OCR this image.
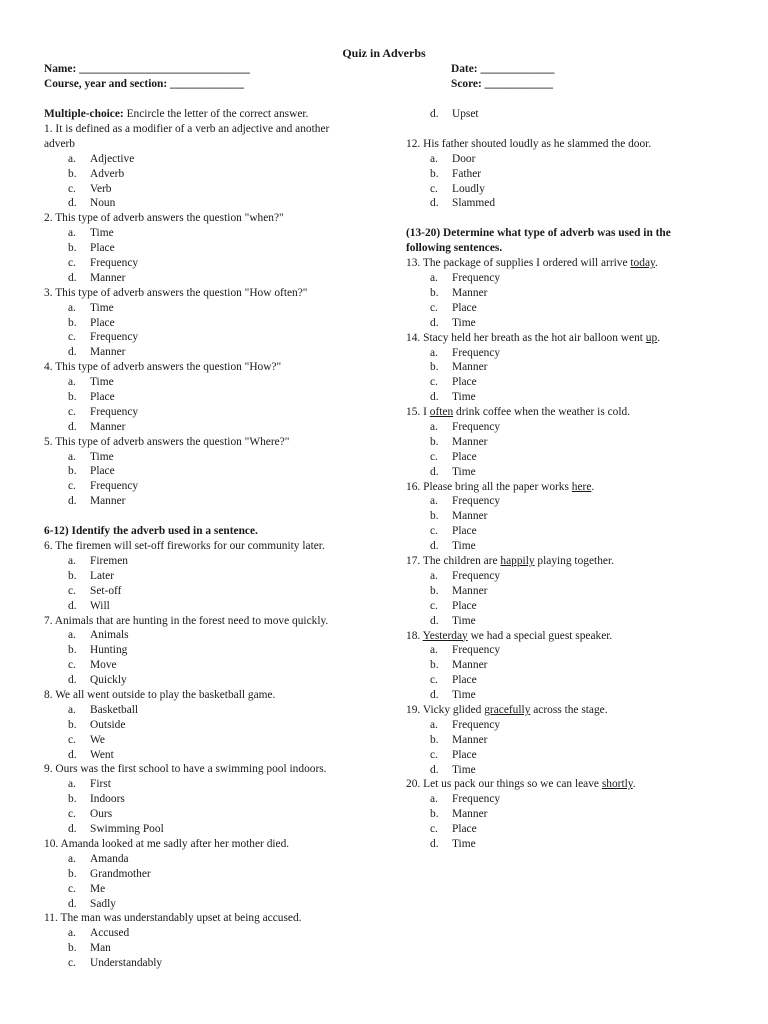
Quiz in Adverbs
Name: ______________________________	Date: _____________
Course, year and section: _____________	Score: ____________
Multiple-choice: Encircle the letter of the correct answer.
1. It is defined as a modifier of a verb an adjective and another
adverb
a. Adjective
b. Adverb
c. Verb
d. Noun
2. This type of adverb answers the question "when?"
a. Time
b. Place
c. Frequency
d. Manner
3. This type of adverb answers the question "How often?"
a. Time
b. Place
c. Frequency
d. Manner
4. This type of adverb answers the question "How?"
a. Time
b. Place
c. Frequency
d. Manner
5. This type of adverb answers the question "Where?"
a. Time
b. Place
c. Frequency
d. Manner
6-12) Identify the adverb used in a sentence.
6. The firemen will set-off fireworks for our community later.
a. Firemen
b. Later
c. Set-off
d. Will
7. Animals that are hunting in the forest need to move quickly.
a. Animals
b. Hunting
c. Move
d. Quickly
8. We all went outside to play the basketball game.
a. Basketball
b. Outside
c. We
d. Went
9. Ours was the first school to have a swimming pool indoors.
a. First
b. Indoors
c. Ours
d. Swimming Pool
10. Amanda looked at me sadly after her mother died.
a. Amanda
b. Grandmother
c. Me
d. Sadly
11. The man was understandably upset at being accused.
a. Accused
b. Man
c. Understandably
d. Upset
12. His father shouted loudly as he slammed the door.
a. Door
b. Father
c. Loudly
d. Slammed
(13-20) Determine what type of adverb was used in the
following sentences.
13. The package of supplies I ordered will arrive today.
a. Frequency
b. Manner
c. Place
d. Time
14. Stacy held her breath as the hot air balloon went up.
a. Frequency
b. Manner
c. Place
d. Time
15. I often drink coffee when the weather is cold.
a. Frequency
b. Manner
c. Place
d. Time
16. Please bring all the paper works here.
a. Frequency
b. Manner
c. Place
d. Time
17. The children are happily playing together.
a. Frequency
b. Manner
c. Place
d. Time
18. Yesterday we had a special guest speaker.
a. Frequency
b. Manner
c. Place
d. Time
19. Vicky glided gracefully across the stage.
a. Frequency
b. Manner
c. Place
d. Time
20. Let us pack our things so we can leave shortly.
a. Frequency
b. Manner
c. Place
d. Time
